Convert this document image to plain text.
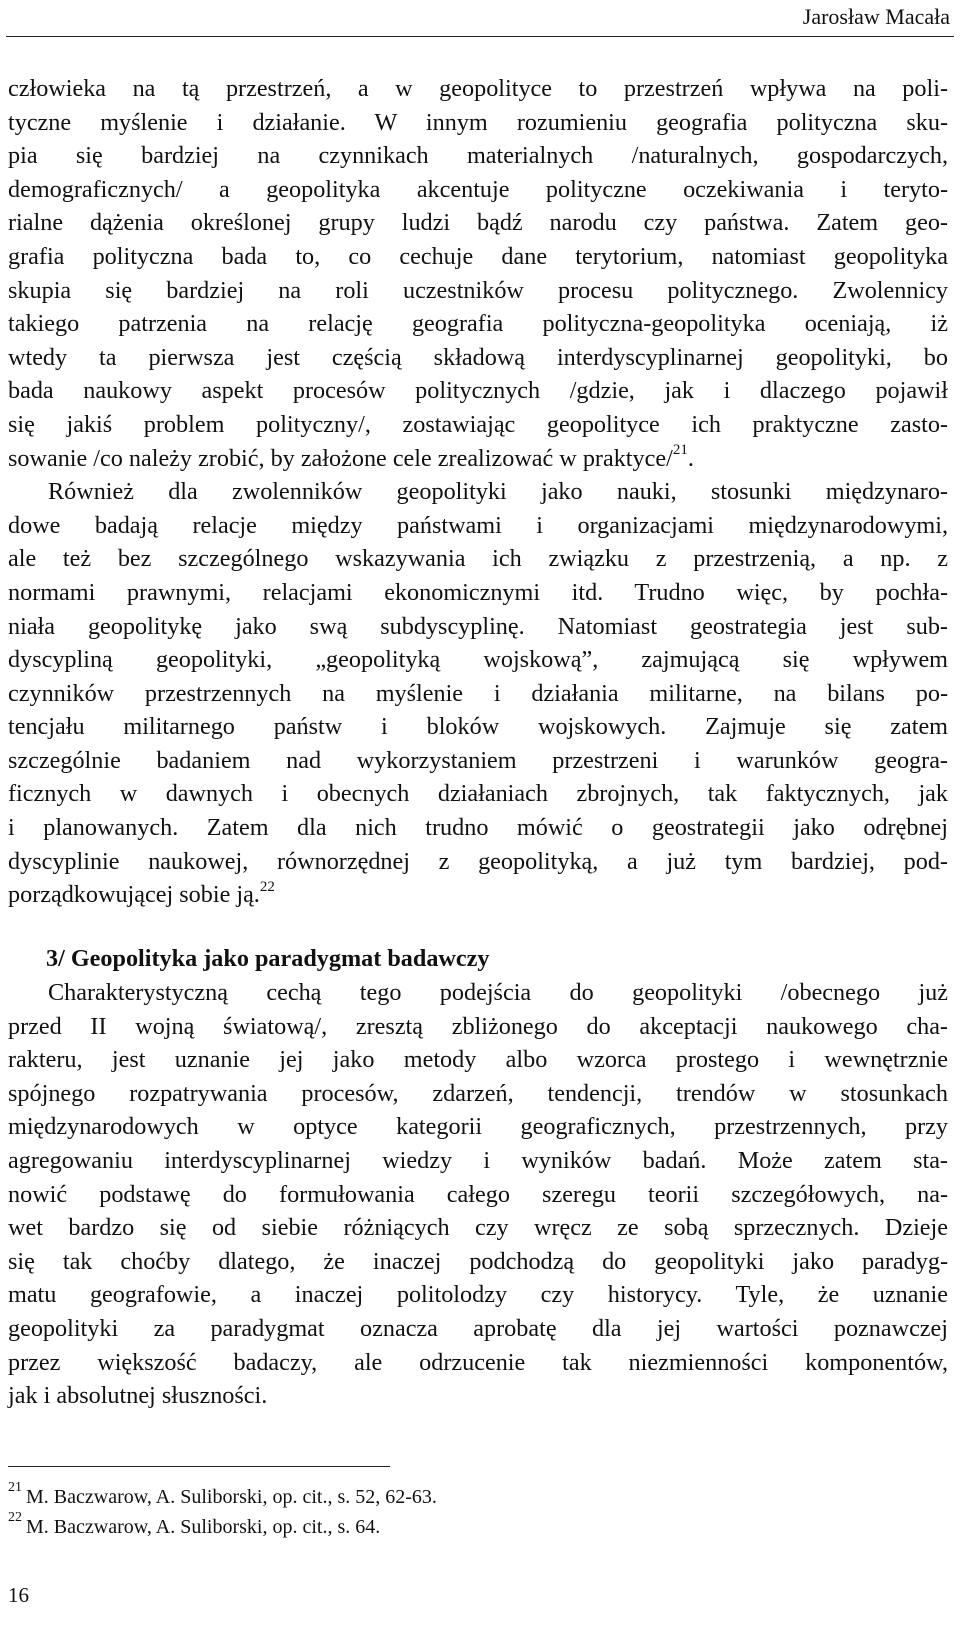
Jarosław Macała
człowieka na tą przestrzeń, a w geopolityce to przestrzeń wpływa na poli-
tyczne myślenie i działanie. W innym rozumieniu geografia polityczna sku-
pia się bardziej na czynnikach materialnych /naturalnych, gospodarczych,
demograficznych/ a geopolityka akcentuje polityczne oczekiwania i teryto-
rialne dążenia określonej grupy ludzi bądź narodu czy państwa. Zatem geo-
grafia polityczna bada to, co cechuje dane terytorium, natomiast geopolityka
skupia się bardziej na roli uczestników procesu politycznego. Zwolennicy
takiego patrzenia na relację geografia polityczna-geopolityka oceniają, iż
wtedy ta pierwsza jest częścią składową interdyscyplinarnej geopolityki, bo
bada naukowy aspekt procesów politycznych /gdzie, jak i dlaczego pojawił
się jakiś problem polityczny/, zostawiając geopolityce ich praktyczne zasto-
sowanie /co należy zrobić, by założone cele zrealizować w praktyce/$^{21}$.
Również dla zwolenników geopolityki jako nauki, stosunki międzynaro-
dowe badają relacje między państwami i organizacjami międzynarodowymi,
ale też bez szczególnego wskazywania ich związku z przestrzenią, a np. z
normami prawnymi, relacjami ekonomicznymi itd. Trudno więc, by pochła-
niała geopolitykę jako swą subdyscyplinę. Natomiast geostrategia jest sub-
dyscypliną geopolityki, „geopolityką wojskową”, zajmującą się wpływem
czynników przestrzennych na myślenie i działania militarne, na bilans po-
tencjału militarnego państw i bloków wojskowych. Zajmuje się zatem
szczególnie badaniem nad wykorzystaniem przestrzeni i warunków geogra-
ficznych w dawnych i obecnych działaniach zbrojnych, tak faktycznych, jak
i planowanych. Zatem dla nich trudno mówić o geostrategii jako odrębnej
dyscyplinie naukowej, równorzędnej z geopolityką, a już tym bardziej, pod-
porządkowującej sobie ją.$^{22}$
3/ Geopolityka jako paradygmat badawczy
Charakterystyczną cechą tego podejścia do geopolityki /obecnego już
przed II wojną światową/, zresztą zbliżonego do akceptacji naukowego cha-
rakteru, jest uznanie jej jako metody albo wzorca prostego i wewnętrznie
spójnego rozpatrywania procesów, zdarzeń, tendencji, trendów w stosunkach
międzynarodowych w optyce kategorii geograficznych, przestrzennych, przy
agregowaniu interdyscyplinarnej wiedzy i wyników badań. Może zatem sta-
nowić podstawę do formułowania całego szeregu teorii szczegółowych, na-
wet bardzo się od siebie różniących czy wręcz ze sobą sprzecznych. Dzieje
się tak choćby dlatego, że inaczej podchodzą do geopolityki jako paradyg-
matu geografowie, a inaczej politolodzy czy historycy. Tyle, że uznanie
geopolityki za paradygmat oznacza aprobatę dla jej wartości poznawczej
przez większość badaczy, ale odrzucenie tak niezmienności komponentów,
jak i absolutnej słuszności.
$^{21}$ M. Baczwarow, A. Suliborski, op. cit., s. 52, 62-63.
$^{22}$ M. Baczwarow, A. Suliborski, op. cit., s. 64.
16
